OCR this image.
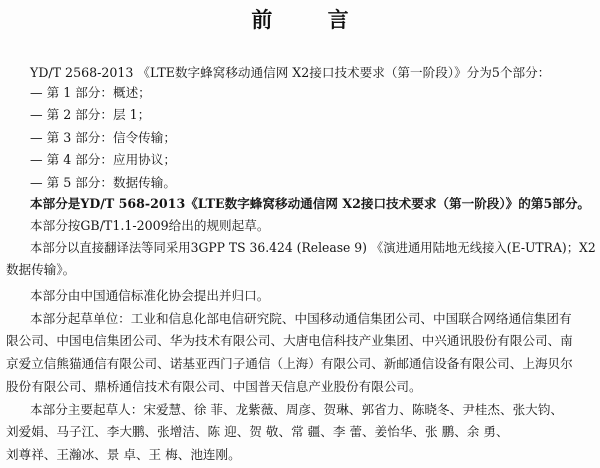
前 言
YD/T 2568-2013 《LTE数字蜂窝移动通信网 X2接口技术要求（第一阶段）》分为5个部分：
— 第 1 部分：概述；
— 第 2 部分：层 1；
— 第 3 部分：信令传输；
— 第 4 部分：应用协议；
— 第 5 部分：数据传输。
本部分是YD/T 568-2013《LTE数字蜂窝移动通信网 X2接口技术要求（第一阶段）》的第5部分。
本部分按GB/T1.1-2009给出的规则起草。
本部分以直接翻译法等同采用3GPP TS 36.424 (Release 9) 《演进通用陆地无线接入(E-UTRA)；X2
数据传输》。
本部分由中国通信标准化协会提出并归口。
本部分起草单位：工业和信息化部电信研究院、中国移动通信集团公司、中国联合网络通信集团有
限公司、中国电信集团公司、华为技术有限公司、大唐电信科技产业集团、中兴通讯股份有限公司、南
京爱立信熊猫通信有限公司、诺基亚西门子通信（上海）有限公司、新邮通信设备有限公司、上海贝尔
股份有限公司、鼎桥通信技术有限公司、中国普天信息产业股份有限公司。
本部分主要起草人：宋爱慧、徐 菲、龙紫薇、周彦、贺琳、郭省力、陈晓冬、尹桂杰、张大钧、
刘爱娟、马子江、李大鹏、张增洁、陈 迎、贺 敬、常 疆、李 蕾、姜怡华、张 鹏、余 勇、
刘尊祥、王瀚冰、景 卓、王 梅、池连刚。
